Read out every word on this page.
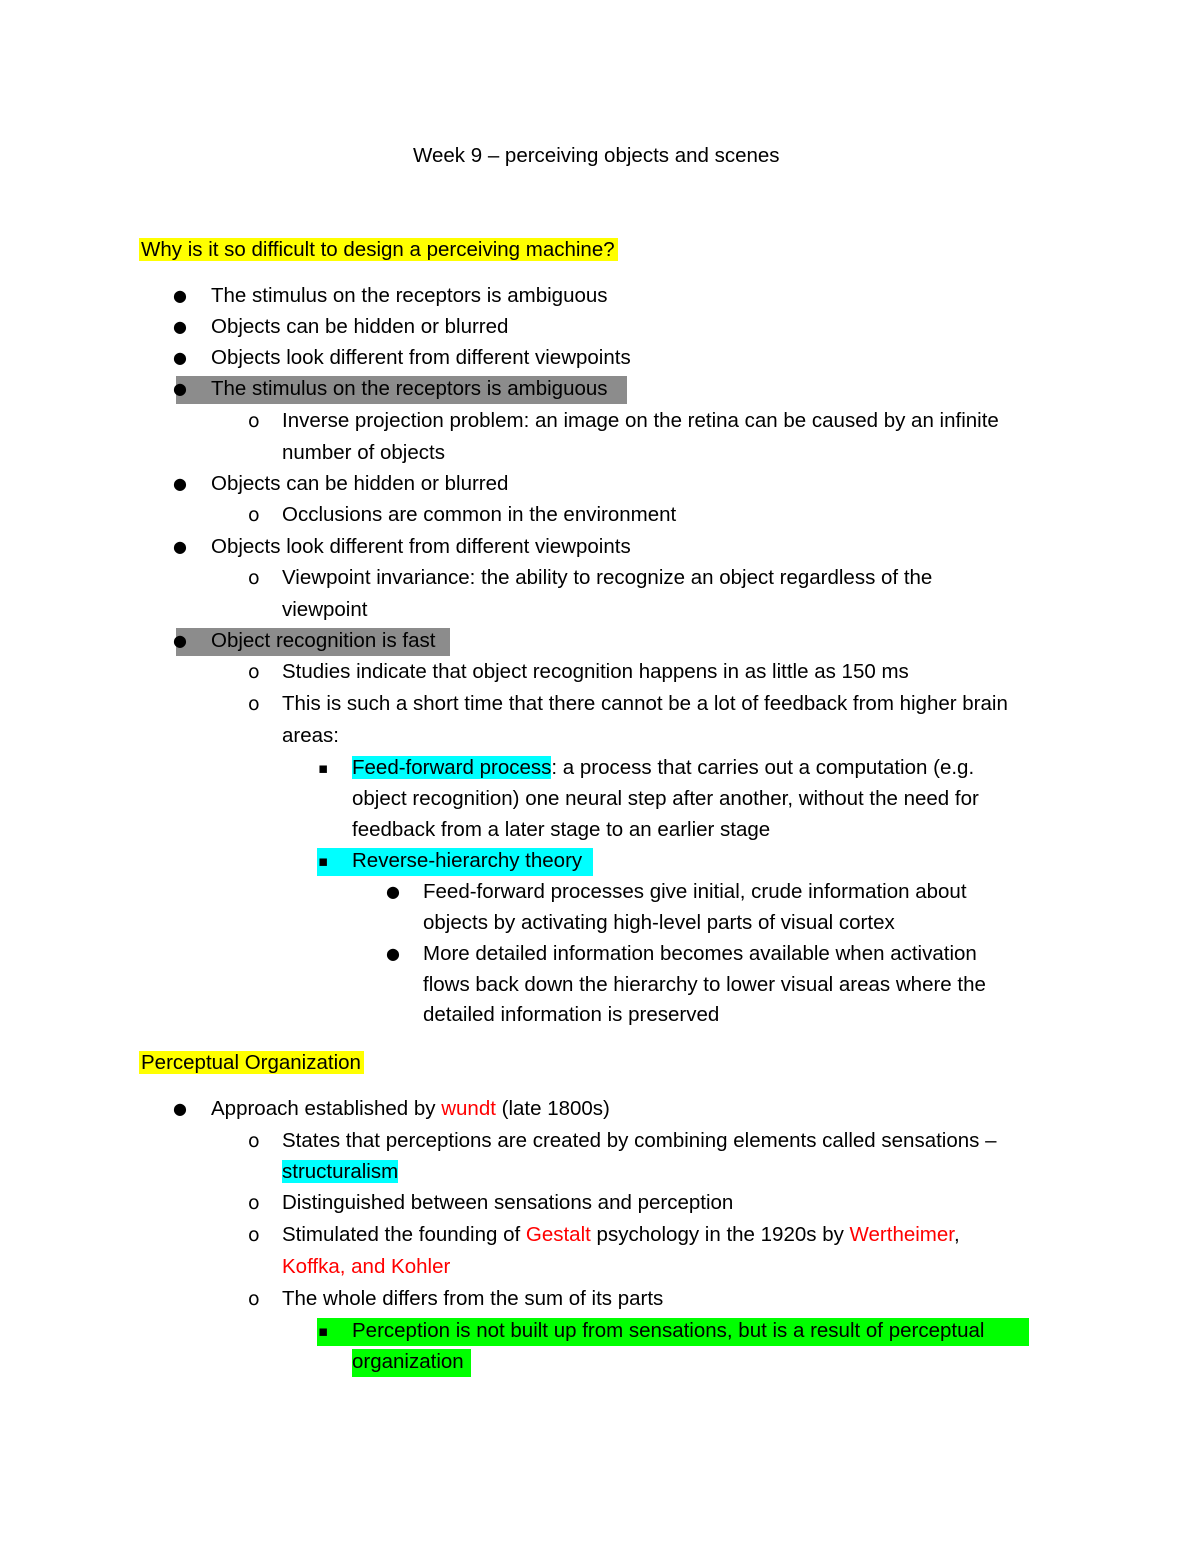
Week 9 – perceiving objects and scenes
Why is it so difficult to design a perceiving machine?
● The stimulus on the receptors is ambiguous
● Objects can be hidden or blurred
● Objects look different from different viewpoints
● The stimulus on the receptors is ambiguous
o Inverse projection problem: an image on the retina can be caused by an infinite
number of objects
● Objects can be hidden or blurred
o Occlusions are common in the environment
● Objects look different from different viewpoints
o Viewpoint invariance: the ability to recognize an object regardless of the
viewpoint
● Object recognition is fast
o Studies indicate that object recognition happens in as little as 150 ms
o This is such a short time that there cannot be a lot of feedback from higher brain
areas:
▪ Feed-forward process: a process that carries out a computation (e.g.
object recognition) one neural step after another, without the need for
feedback from a later stage to an earlier stage
▪ Reverse-hierarchy theory
● Feed-forward processes give initial, crude information about
objects by activating high-level parts of visual cortex
● More detailed information becomes available when activation
flows back down the hierarchy to lower visual areas where the
detailed information is preserved
Perceptual Organization
● Approach established by wundt (late 1800s)
o States that perceptions are created by combining elements called sensations –
structuralism
o Distinguished between sensations and perception
o Stimulated the founding of Gestalt psychology in the 1920s by Wertheimer,
Koffka, and Kohler
o The whole differs from the sum of its parts
▪ Perception is not built up from sensations, but is a result of perceptual
organization
